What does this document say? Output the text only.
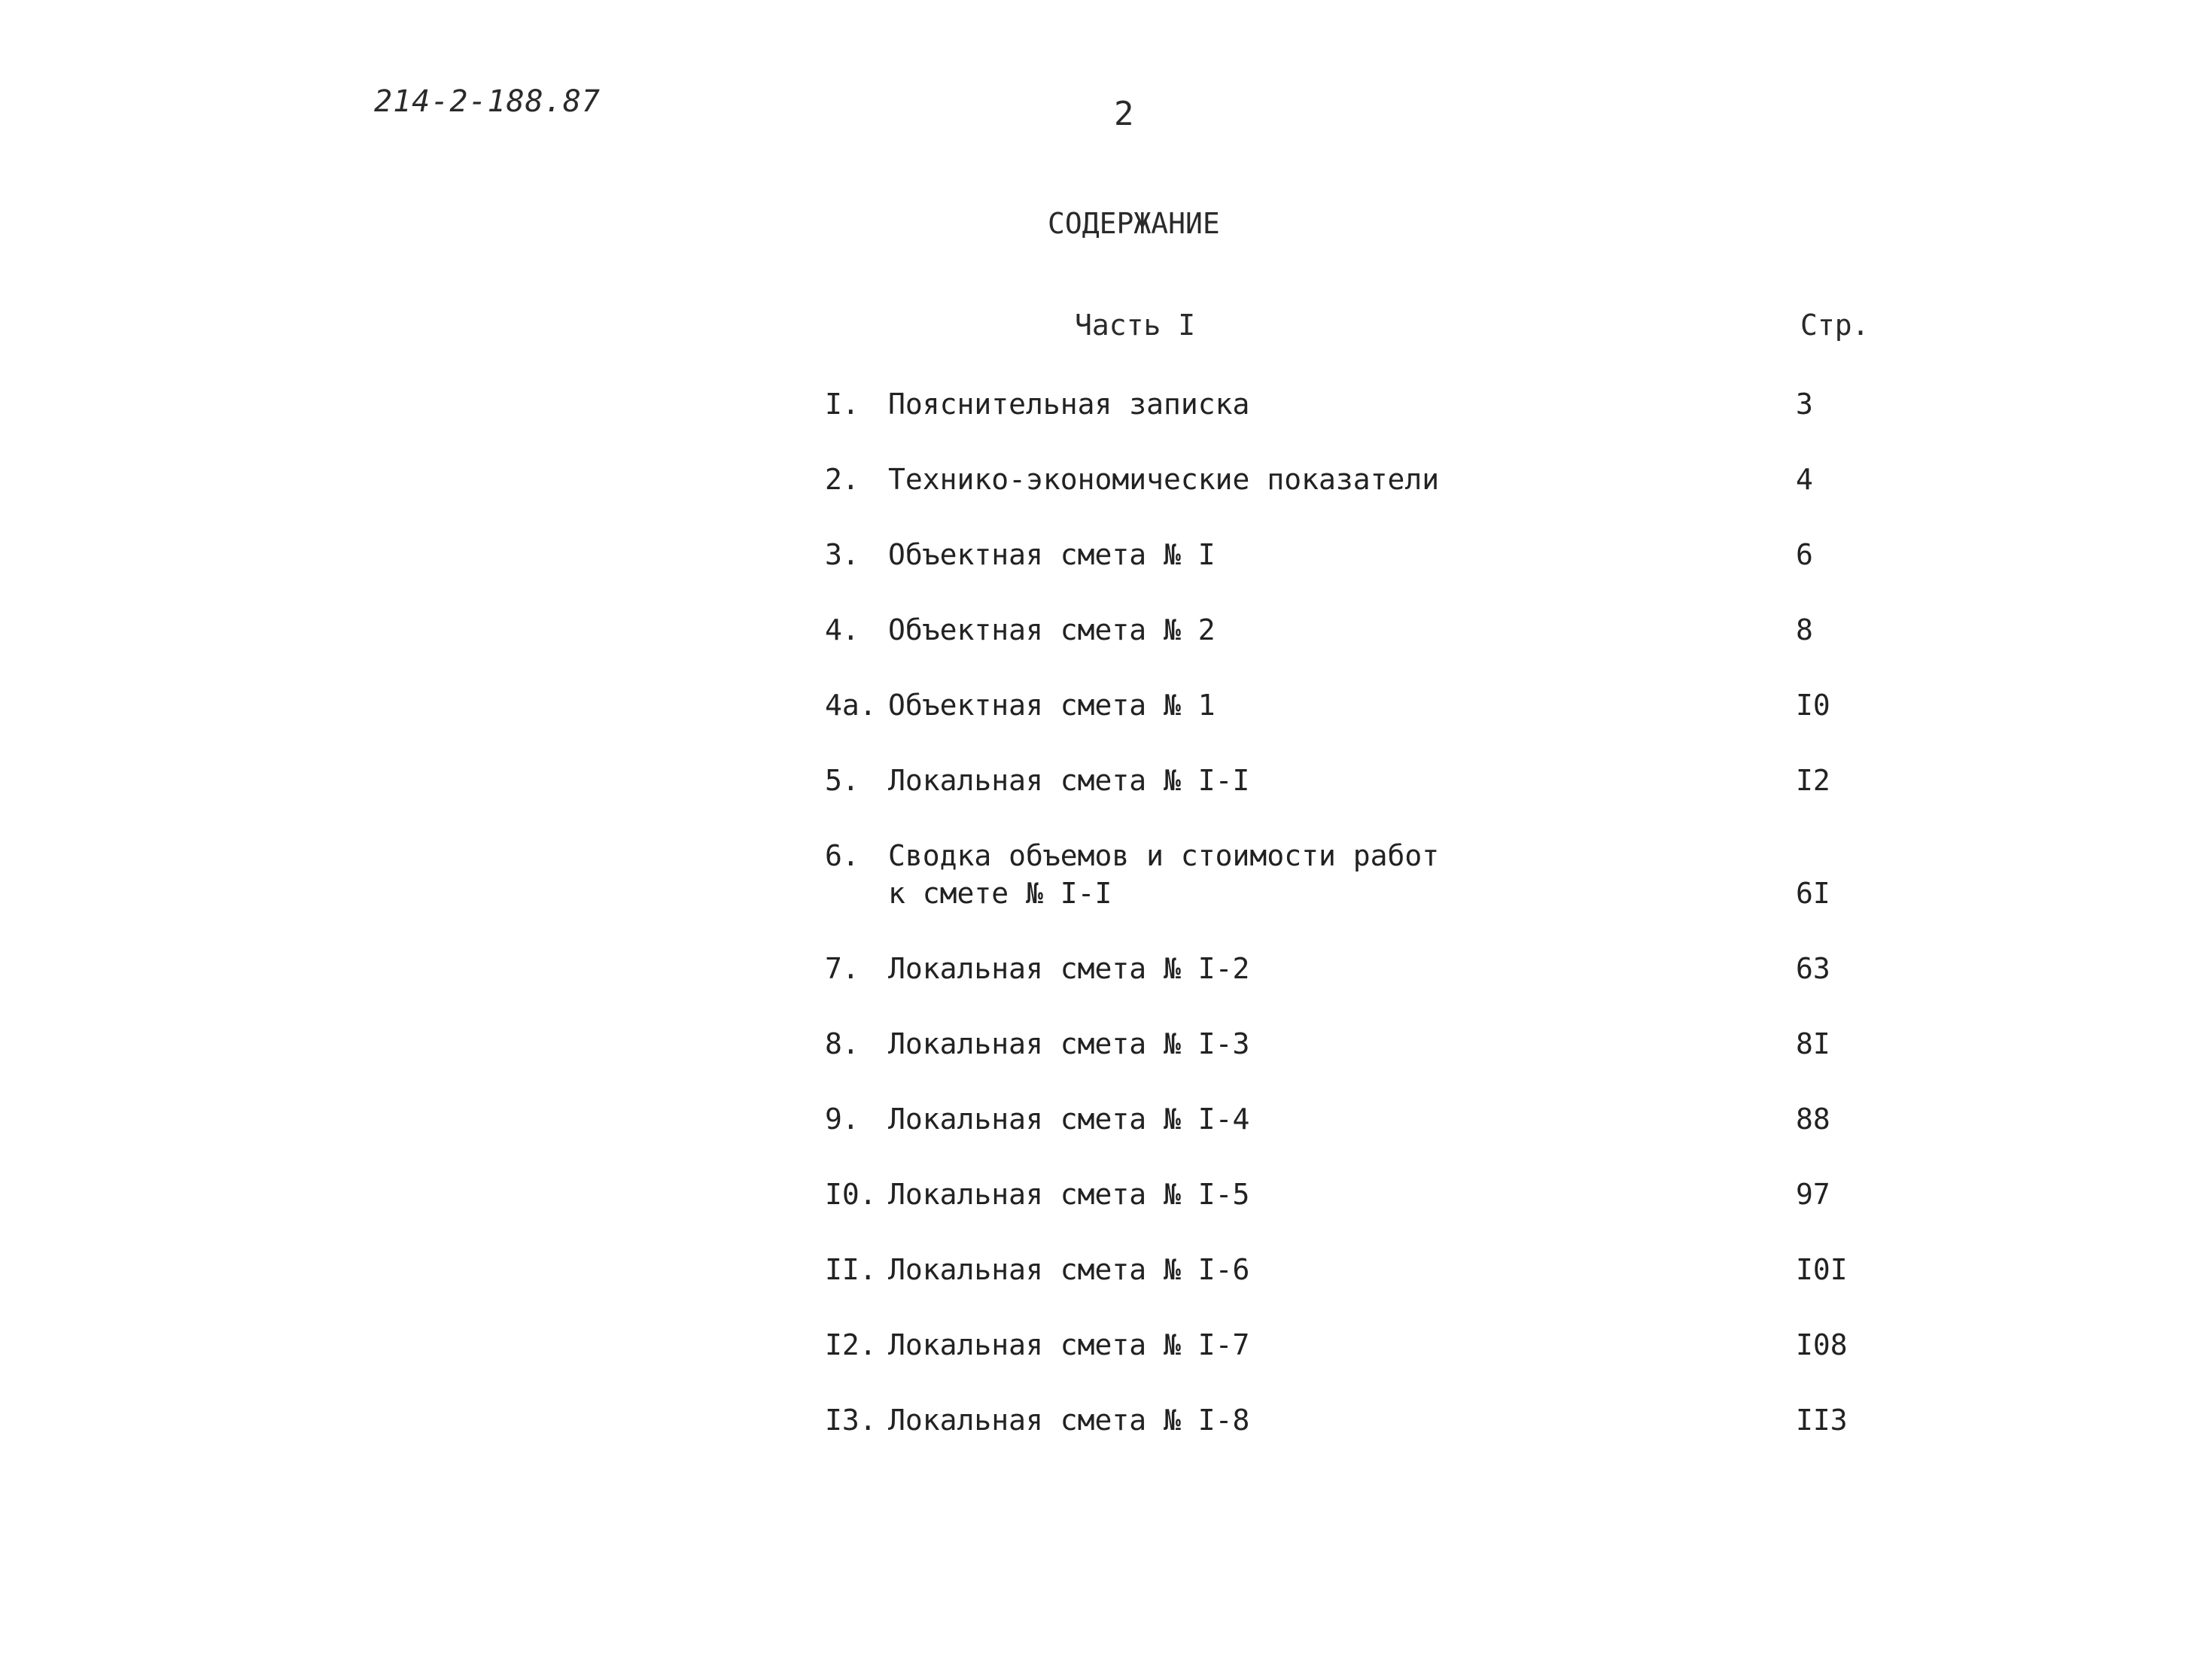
214-2-188.87	2
СОДЕРЖАНИЕ
Часть I	Стр.
I. Пояснительная записка	3
2. Технико-экономические показатели	4
3. Объектная смета № I	6
4. Объектная смета № 2	8
4a. Объектная смета № 1	I0
5. Локальная смета № I-I	I2
6. Сводка объемов и стоимости работ
к смете № I-I	6I
7. Локальная смета № I-2	63
8. Локальная смета № I-3	8I
9. Локальная смета № I-4	88
I0. Локальная смета № I-5	97
II. Локальная смета № I-6	I0I
I2. Локальная смета № I-7	I08
I3. Локальная смета № I-8	II3
